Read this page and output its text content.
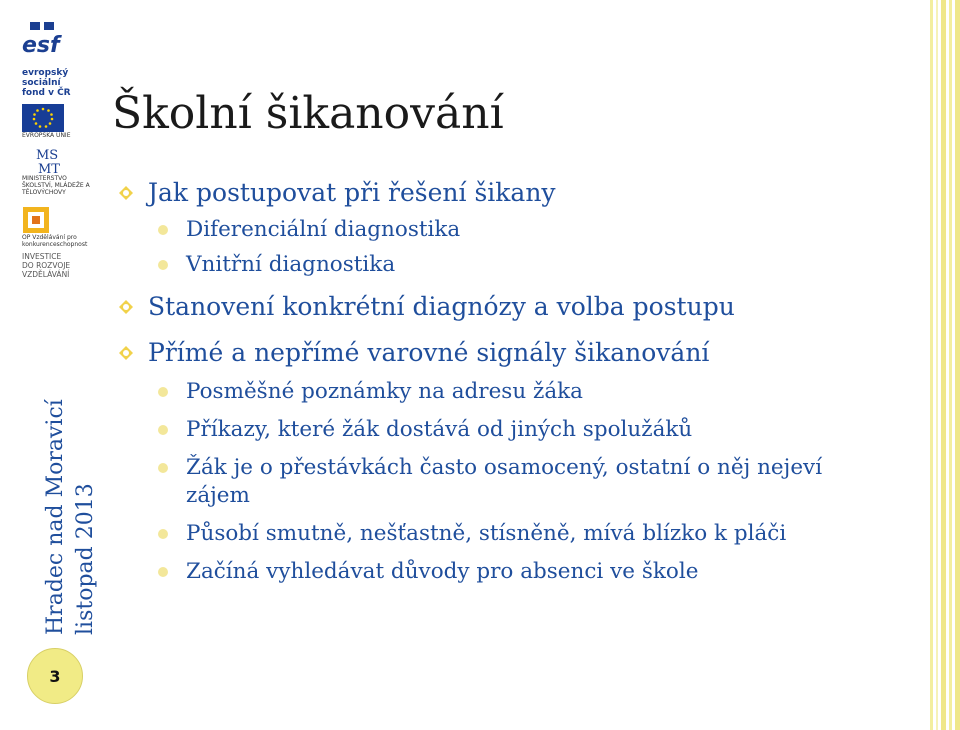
esf
evropský
sociální
fond v ČR
EVROPSKÁ UNIE
MS
MT
MINISTERSTVO ŠKOLSTVÍ, MLÁDEŽE A TĚLOVÝCHOVY
OP Vzdělávání pro konkurenceschopnost
INVESTICE
DO ROZVOJE
VZDĚLÁVÁNÍ
Hradec nad Moravicí listopad 2013
3
Školní šikanování

Jak postupovat při řešení šikany

Diferenciální diagnostika

Vnitřní diagnostika

Stanovení konkrétní diagnózy a volba postupu

Přímé a nepřímé varovné signály šikanování

Posměšné poznámky na adresu žáka

Příkazy, které žák dostává od jiných spolužáků

Žák je o přestávkách často osamocený, ostatní o něj nejeví zájem

Působí smutně, nešťastně, stísněně, mívá blízko k pláči

Začíná vyhledávat důvody pro absenci ve škole
